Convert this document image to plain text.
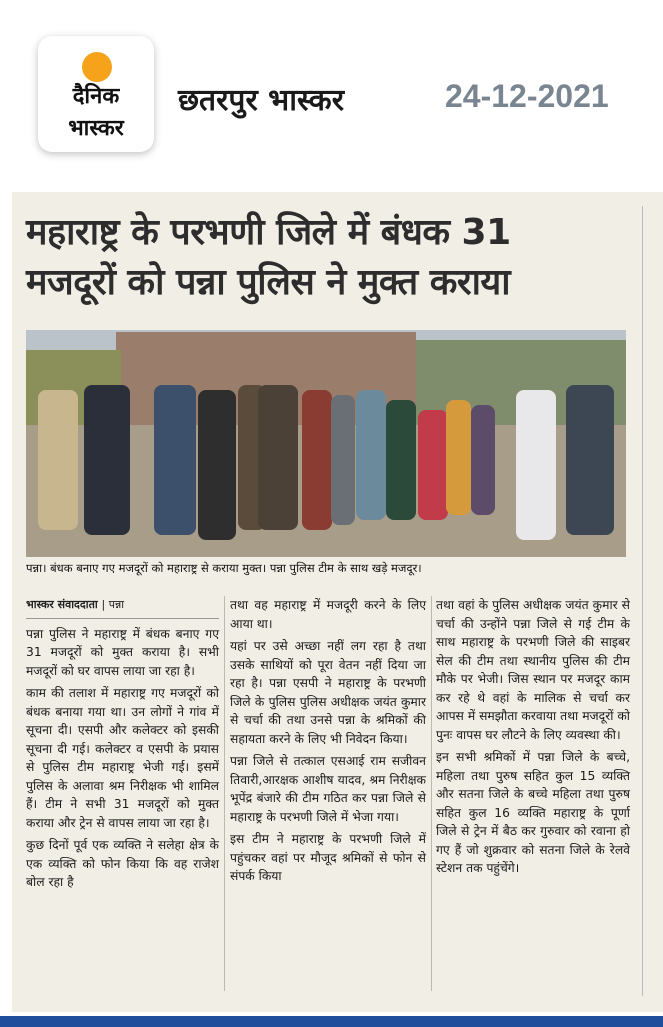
दैनिक
भास्कर
छतरपुर भास्कर	24-12-2021
महाराष्ट्र के परभणी जिले में बंधक 31
मजदूरों को पन्ना पुलिस ने मुक्त कराया
पन्ना। बंधक बनाए गए मजदूरों को महाराष्ट्र से कराया मुक्त। पन्ना पुलिस टीम के साथ खड़े मजदूर।
भास्कर संवाददाता | पन्ना

पन्ना पुलिस ने महाराष्ट्र में बंधक बनाए गए 31 मजदूरों को मुक्त कराया है। सभी मजदूरों को घर वापस लाया जा रहा है।

काम की तलाश में महाराष्ट्र गए मजदूरों को बंधक बनाया गया था। उन लोगों ने गांव में सूचना दी। एसपी और कलेक्टर को इसकी सूचना दी गई। कलेक्टर व एसपी के प्रयास से पुलिस टीम महाराष्ट्र भेजी गई। इसमें पुलिस के अलावा श्रम निरीक्षक भी शामिल हैं। टीम ने सभी 31 मजदूरों को मुक्त कराया और ट्रेन से वापस लाया जा रहा है।

कुछ दिनों पूर्व एक व्यक्ति ने सलेहा क्षेत्र के एक व्यक्ति को फोन किया कि वह राजेश बोल रहा है

तथा वह महाराष्ट्र में मजदूरी करने के लिए आया था।

यहां पर उसे अच्छा नहीं लग रहा है तथा उसके साथियों को पूरा वेतन नहीं दिया जा रहा है। पन्ना एसपी ने महाराष्ट्र के परभणी जिले के पुलिस पुलिस अधीक्षक जयंत कुमार से चर्चा की तथा उनसे पन्ना के श्रमिकों की सहायता करने के लिए भी निवेदन किया।

पन्ना जिले से तत्काल एसआई राम सजीवन तिवारी,आरक्षक आशीष यादव, श्रम निरीक्षक भूपेंद्र बंजारे की टीम गठित कर पन्ना जिले से महाराष्ट्र के परभणी जिले में भेजा गया।

इस टीम ने महाराष्ट्र के परभणी जिले में पहुंचकर वहां पर मौजूद श्रमिकों से फोन से संपर्क किया

तथा वहां के पुलिस अधीक्षक जयंत कुमार से चर्चा की उन्होंने पन्ना जिले से गई टीम के साथ महाराष्ट्र के परभणी जिले की साइबर सेल की टीम तथा स्थानीय पुलिस की टीम मौके पर भेजी। जिस स्थान पर मजदूर काम कर रहे थे वहां के मालिक से चर्चा कर आपस में समझौता करवाया तथा मजदूरों को पुनः वापस घर लौटने के लिए व्यवस्था की।

इन सभी श्रमिकों में पन्ना जिले के बच्चे, महिला तथा पुरुष सहित कुल 15 व्यक्ति और सतना जिले के बच्चे महिला तथा पुरुष सहित कुल 16 व्यक्ति महाराष्ट्र के पूर्णा जिले से ट्रेन में बैठ कर गुरुवार को रवाना हो गए हैं जो शुक्रवार को सतना जिले के रेलवे स्टेशन तक पहुंचेंगे।
